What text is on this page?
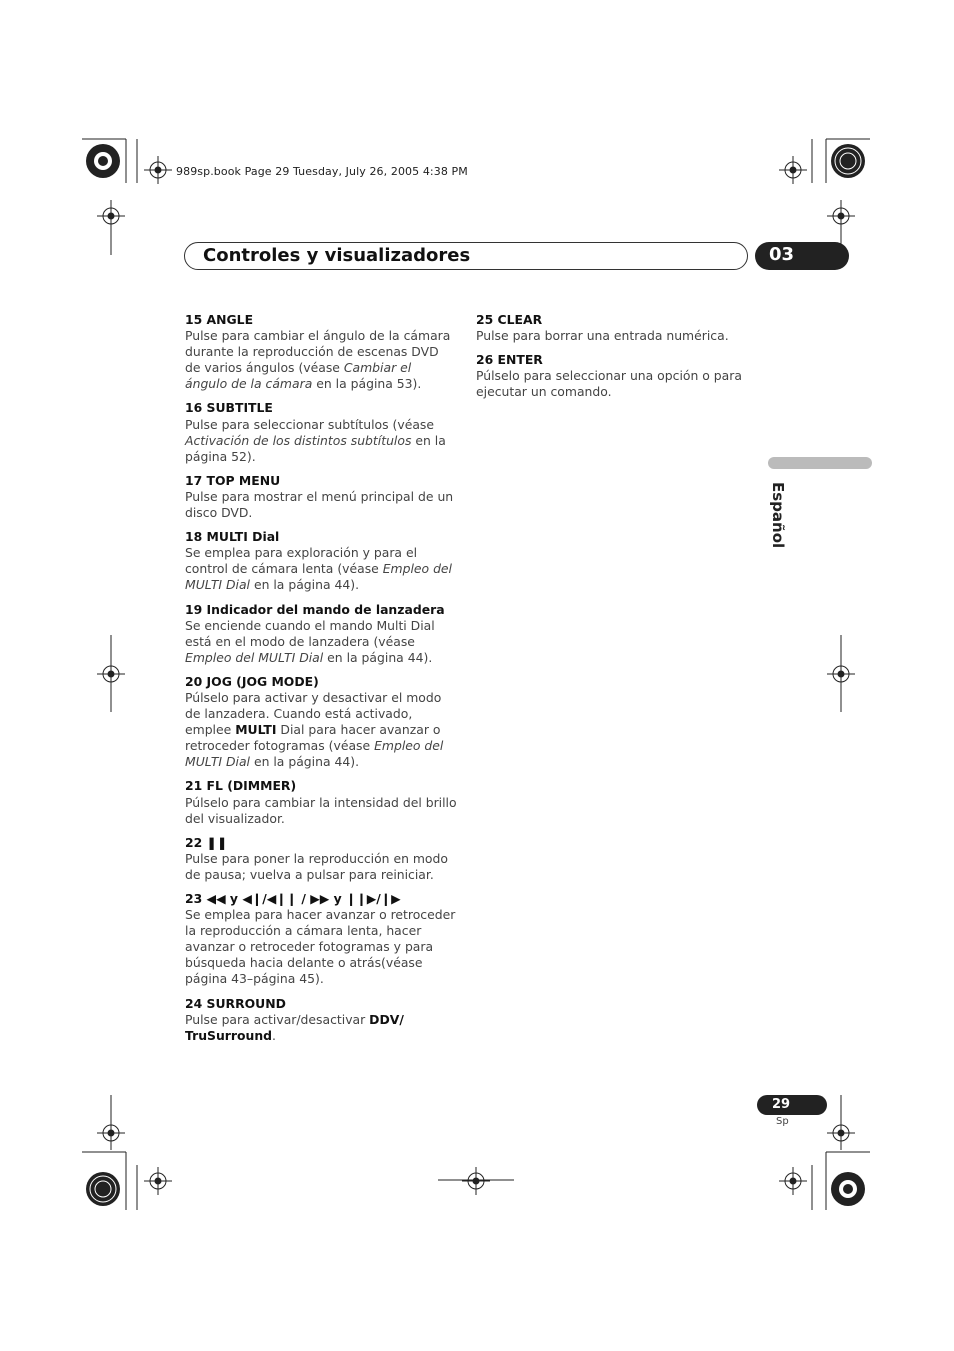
989sp.book Page 29 Tuesday, July 26, 2005 4:38 PM
Controles y visualizadores	03
Español
15 ANGLE
Pulse para cambiar el ángulo de la cámara durante la reproducción de escenas DVD de varios ángulos (véase Cambiar el ángulo de la cámara en la página 53).
16 SUBTITLE
Pulse para seleccionar subtítulos (véase Activación de los distintos subtítulos en la página 52).
17 TOP MENU
Pulse para mostrar el menú principal de un disco DVD.
18 MULTI Dial
Se emplea para exploración y para el control de cámara lenta (véase Empleo del MULTI Dial en la página 44).
19 Indicador del mando de lanzadera
Se enciende cuando el mando Multi Dial está en el modo de lanzadera (véase Empleo del MULTI Dial en la página 44).
20 JOG (JOG MODE)
Púlselo para activar y desactivar el modo de lanzadera. Cuando está activado, emplee MULTI Dial para hacer avanzar o retroceder fotogramas (véase Empleo del MULTI Dial en la página 44).
21 FL (DIMMER)
Púlselo para cambiar la intensidad del brillo del visualizador.
22 ❚❚
Pulse para poner la reproducción en modo de pausa; vuelva a pulsar para reiniciar.
23 ◀◀ y ◀❙/◀❙❙ / ▶▶ y ❙❙▶/❙▶
Se emplea para hacer avanzar o retroceder la reproducción a cámara lenta, hacer avanzar o retroceder fotogramas y para búsqueda hacia delante o atrás(véase página 43–página 45).
24 SURROUND
Pulse para activar/desactivar DDV/ TruSurround.
25 CLEAR
Pulse para borrar una entrada numérica.
26 ENTER
Púlselo para seleccionar una opción o para ejecutar un comando.
29
Sp
